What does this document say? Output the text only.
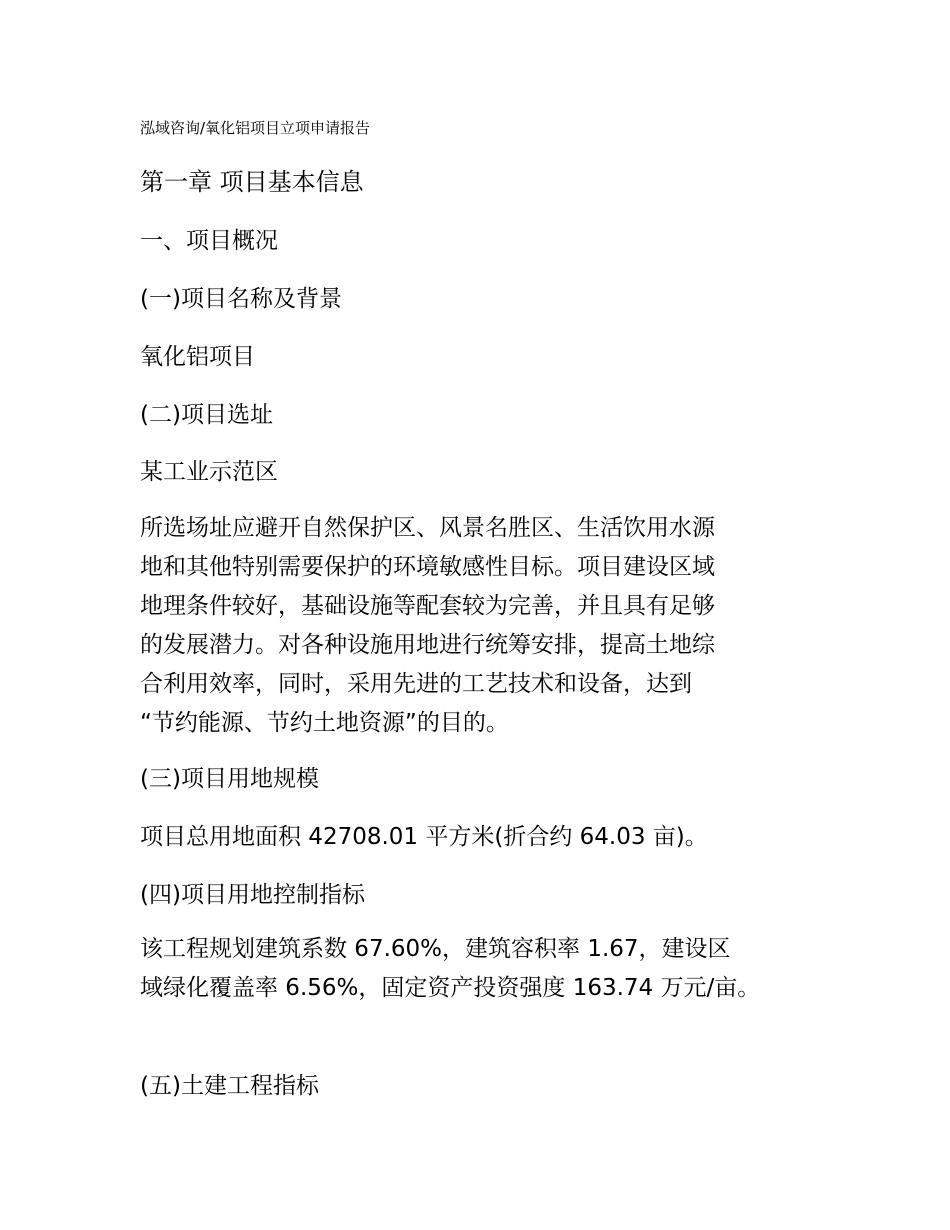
泓域咨询/氧化铝项目立项申请报告
第一章 项目基本信息
一、项目概况
(一)项目名称及背景
氧化铝项目
(二)项目选址
某工业示范区
所选场址应避开自然保护区、风景名胜区、生活饮用水源
地和其他特别需要保护的环境敏感性目标。项目建设区域
地理条件较好，基础设施等配套较为完善，并且具有足够
的发展潜力。对各种设施用地进行统筹安排，提高土地综
合利用效率，同时，采用先进的工艺技术和设备，达到
“节约能源、节约土地资源”的目的。
(三)项目用地规模
项目总用地面积 42708.01 平方米(折合约 64.03 亩)。
(四)项目用地控制指标
该工程规划建筑系数 67.60%，建筑容积率 1.67，建设区
域绿化覆盖率 6.56%，固定资产投资强度 163.74 万元/亩。
(五)土建工程指标
